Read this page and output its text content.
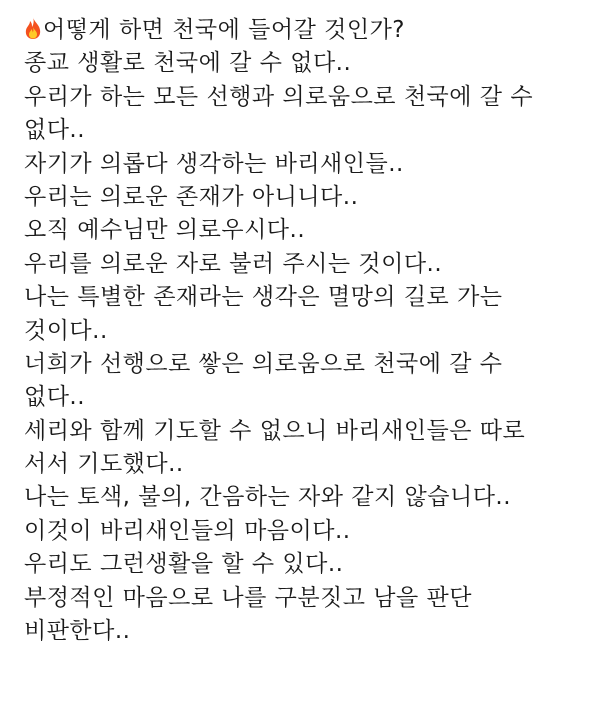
어떻게 하면 천국에 들어갈 것인가?
종교 생활로 천국에 갈 수 없다..
우리가 하는 모든 선행과 의로움으로 천국에 갈 수
없다..
자기가 의롭다 생각하는 바리새인들..
우리는 의로운 존재가 아니니다..
오직 예수님만 의로우시다..
우리를 의로운 자로 불러 주시는 것이다..
나는 특별한 존재라는 생각은 멸망의 길로 가는
것이다..
너희가 선행으로 쌓은 의로움으로 천국에 갈 수
없다..
세리와 함께 기도할 수 없으니 바리새인들은 따로
서서 기도했다..
나는 토색, 불의, 간음하는 자와 같지 않습니다..
이것이 바리새인들의 마음이다..
우리도 그런생활을 할 수 있다..
부정적인 마음으로 나를 구분짓고 남을 판단
비판한다..
